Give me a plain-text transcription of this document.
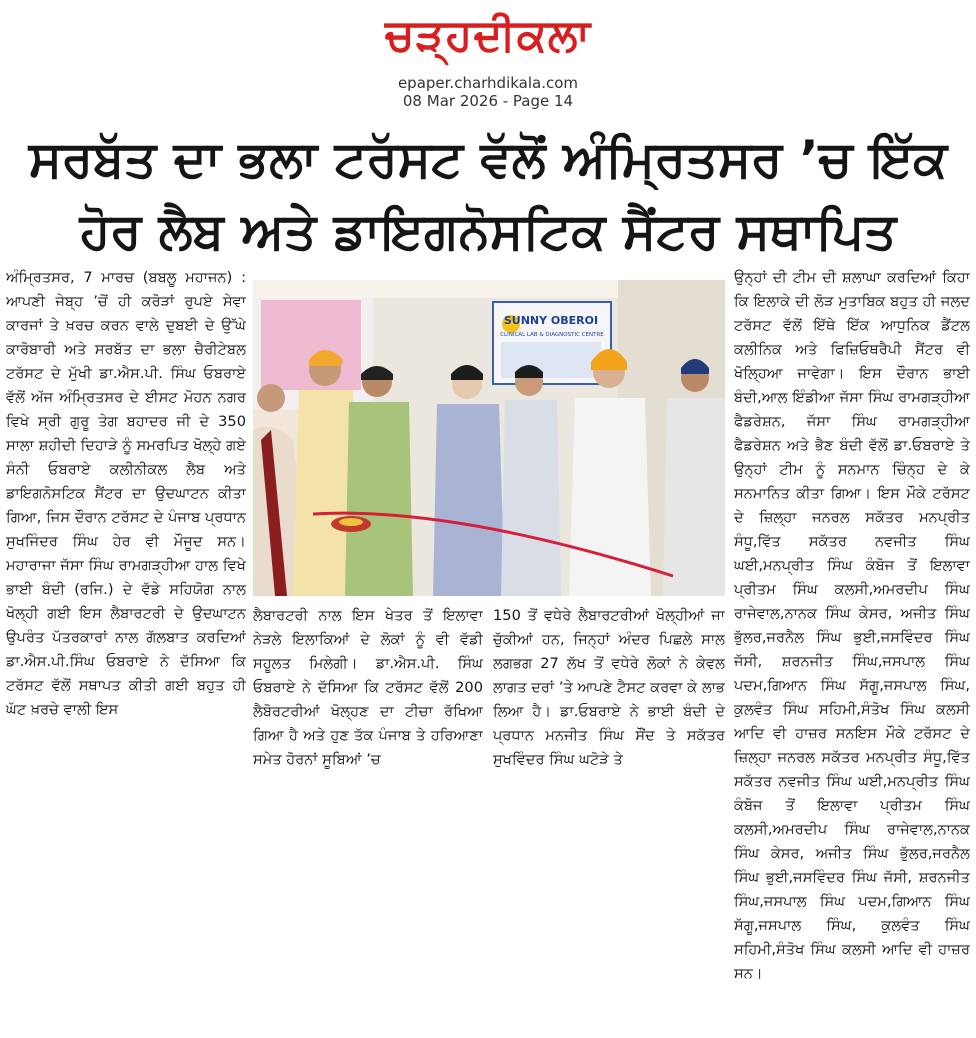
ਚੜ੍ਹਦੀਕਲਾ
epaper.charhdikala.com
08 Mar 2026 - Page 14
ਸਰਬੱਤ ਦਾ ਭਲਾ ਟਰੱਸਟ ਵੱਲੋਂ ਅੰਮ੍ਰਿਤਸਰ ’ਚ ਇੱਕ
ਹੋਰ ਲੈਬ ਅਤੇ ਡਾਇਗਨੋਸਟਿਕ ਸੈਂਟਰ ਸਥਾਪਿਤ

ਅੰਮ੍ਰਿਤਸਰ, 7 ਮਾਰਚ (ਬਬਲੂ ਮਹਾਜਨ) : ਆਪਣੀ ਜੇਬ੍ਹ ’ਚੋਂ ਹੀ ਕਰੋੜਾਂ ਰੁਪਏ ਸੇਵਾ ਕਾਰਜਾਂ ਤੇ ਖ਼ਰਚ ਕਰਨ ਵਾਲੇ ਦੁਬਈ ਦੇ ਉੱਘੇ ਕਾਰੋਬਾਰੀ ਅਤੇ ਸਰਬੱਤ ਦਾ ਭਲਾ ਚੈਰੀਟੇਬਲ ਟਰੱਸਟ ਦੇ ਮੁੱਖੀ ਡਾ.ਐਸ.ਪੀ. ਸਿੰਘ ਓਬਰਾਏ ਵੱਲੋਂ ਅੱਜ ਅੰਮ੍ਰਿਤਸਰ ਦੇ ਈਸਟ ਮੋਹਨ ਨਗਰ ਵਿਖੇ ਸ੍ਰੀ ਗੁਰੂ ਤੇਗ ਬਹਾਦਰ ਜੀ ਦੇ 350 ਸਾਲਾ ਸ਼ਹੀਦੀ ਦਿਹਾੜੇ ਨੂੰ ਸਮਰਪਿਤ ਖੋਲ੍ਹੇ ਗਏ ਸੰਨੀ ਓਬਰਾਏ ਕਲੀਨੀਕਲ ਲੈਬ ਅਤੇ ਡਾਇਗਨੋਸਟਿਕ ਸੈਂਟਰ ਦਾ ਉਦਘਾਟਨ ਕੀਤਾ ਗਿਆ, ਜਿਸ ਦੌਰਾਨ ਟਰੱਸਟ ਦੇ ਪੰਜਾਬ ਪ੍ਰਧਾਨ ਸੁਖਜਿੰਦਰ ਸਿੰਘ ਹੇਰ ਵੀ ਮੌਜੂਦ ਸਨ। ਮਹਾਰਾਜਾ ਜੱਸਾ ਸਿੰਘ ਰਾਮਗੜ੍ਹੀਆ ਹਾਲ ਵਿਖੇ ਭਾਈ ਬੰਦੀ (ਰਜਿ.) ਦੇ ਵੱਡੇ ਸਹਿਯੋਗ ਨਾਲ ਖੋਲ੍ਹੀ ਗਈ ਇਸ ਲੈਬਾਰਟਰੀ ਦੇ ਉਦਘਾਟਨ ਉਪਰੰਤ ਪੱਤਰਕਾਰਾਂ ਨਾਲ ਗੱਲਬਾਤ ਕਰਦਿਆਂ ਡਾ.ਐਸ.ਪੀ.ਸਿੰਘ ਓਬਰਾਏ ਨੇ ਦੱਸਿਆ ਕਿ ਟਰੱਸਟ ਵੱਲੋਂ ਸਥਾਪਤ ਕੀਤੀ ਗਈ ਬਹੁਤ ਹੀ ਘੱਟ ਖ਼ਰਚੇ ਵਾਲੀ ਇਸ

SUNNY OBEROI
CLINICAL LAB & DIAGNOSTIC CENTRE

ਲੈਬਾਰਟਰੀ ਨਾਲ ਇਸ ਖੇਤਰ ਤੋਂ ਇਲਾਵਾ ਨੇੜਲੇ ਇਲਾਕਿਆਂ ਦੇ ਲੋਕਾਂ ਨੂੰ ਵੀ ਵੱਡੀ ਸਹੂਲਤ ਮਿਲੇਗੀ। ਡਾ.ਐਸ.ਪੀ. ਸਿੰਘ ਓਬਰਾਏ ਨੇ ਦੱਸਿਆ ਕਿ ਟਰੱਸਟ ਵੱਲੋਂ 200 ਲੈਬੋਰਟਰੀਆਂ ਖੋਲ੍ਹਣ ਦਾ ਟੀਚਾ ਰੱਖਿਆ ਗਿਆ ਹੈ ਅਤੇ ਹੁਣ ਤੱਕ ਪੰਜਾਬ ਤੇ ਹਰਿਆਣਾ ਸਮੇਤ ਹੋਰਨਾਂ ਸੂਬਿਆਂ ’ਚ

150 ਤੋਂ ਵਧੇਰੇ ਲੈਬਾਰਟਰੀਆਂ ਖੋਲ੍ਹੀਆਂ ਜਾ ਚੁੱਕੀਆਂ ਹਨ, ਜਿਨ੍ਹਾਂ ਅੰਦਰ ਪਿਛਲੇ ਸਾਲ ਲਗਭਗ 27 ਲੱਖ ਤੋਂ ਵਧੇਰੇ ਲੋਕਾਂ ਨੇ ਕੇਵਲ ਲਾਗਤ ਦਰਾਂ ’ਤੇ ਆਪਣੇ ਟੈਸਟ ਕਰਵਾ ਕੇ ਲਾਭ ਲਿਆ ਹੈ। ਡਾ.ਓਬਰਾਏ ਨੇ ਭਾਈ ਬੰਦੀ ਦੇ ਪ੍ਰਧਾਨ ਮਨਜੀਤ ਸਿੰਘ ਸੌਂਦ ਤੇ ਸਕੱਤਰ ਸੁਖਵਿੰਦਰ ਸਿੰਘ ਘਟੋੜੇ ਤੇ

ਉਨ੍ਹਾਂ ਦੀ ਟੀਮ ਦੀ ਸ਼ਲਾਘਾ ਕਰਦਿਆਂ ਕਿਹਾ ਕਿ ਇਲਾਕੇ ਦੀ ਲੋੜ ਮੁਤਾਬਿਕ ਬਹੁਤ ਹੀ ਜਲਦ ਟਰੱਸਟ ਵੱਲੋਂ ਇੱਥੇ ਇੱਕ ਆਧੁਨਿਕ ਡੈਂਟਲ ਕਲੀਨਿਕ ਅਤੇ ਫਿਜ਼ਿਓਥਰੈਪੀ ਸੈਂਟਰ ਵੀ ਖੋਲ੍ਹਿਆ ਜਾਵੇਗਾ। ਇਸ ਦੌਰਾਨ ਭਾਈ ਬੰਦੀ,ਆਲ ਇੰਡੀਆ ਜੱਸਾ ਸਿੰਘ ਰਾਮਗੜ੍ਹੀਆ ਫੈਡਰੇਸ਼ਨ, ਜੱਸਾ ਸਿੰਘ ਰਾਮਗੜ੍ਹੀਆ ਫੈਡਰੇਸ਼ਨ ਅਤੇ ਭੈਣ ਬੰਦੀ ਵੱਲੋਂ ਡਾ.ਓਬਰਾਏ ਤੇ ਉਨ੍ਹਾਂ ਟੀਮ ਨੂੰ ਸਨਮਾਨ ਚਿੰਨ੍ਹ ਦੇ ਕੇ ਸਨਮਾਨਿਤ ਕੀਤਾ ਗਿਆ। ਇਸ ਮੌਕੇ ਟਰੱਸਟ ਦੇ ਜ਼ਿਲ੍ਹਾ ਜਨਰਲ ਸਕੱਤਰ ਮਨਪ੍ਰੀਤ ਸੰਧੂ,ਵਿੱਤ ਸਕੱਤਰ ਨਵਜੀਤ ਸਿੰਘ ਘਈ,ਮਨਪ੍ਰੀਤ ਸਿੰਘ ਕੰਬੋਜ ਤੋਂ ਇਲਾਵਾ ਪ੍ਰੀਤਮ ਸਿੰਘ ਕਲਸੀ,ਅਮਰਦੀਪ ਸਿੰਘ ਰਾਜੇਵਾਲ,ਨਾਨਕ ਸਿੰਘ ਕੇਸਰ, ਅਜੀਤ ਸਿੰਘ ਭੁੱਲਰ,ਜਰਨੈਲ ਸਿੰਘ ਭੁਈ,ਜਸਵਿੰਦਰ ਸਿੰਘ ਜੱਸੀ, ਸ਼ਰਨਜੀਤ ਸਿੰਘ,ਜਸਪਾਲ ਸਿੰਘ ਪਦਮ,ਗਿਆਨ ਸਿੰਘ ਸੱਗੂ,ਜਸਪਾਲ ਸਿੰਘ, ਕੁਲਵੰਤ ਸਿੰਘ ਸਹਿਮੀ,ਸੰਤੋਖ ਸਿੰਘ ਕਲਸੀ ਆਦਿ ਵੀ ਹਾਜ਼ਰ ਸਨਇਸ ਮੌਕੇ ਟਰੱਸਟ ਦੇ ਜ਼ਿਲ੍ਹਾ ਜਨਰਲ ਸਕੱਤਰ ਮਨਪ੍ਰੀਤ ਸੰਧੂ,ਵਿੱਤ ਸਕੱਤਰ ਨਵਜੀਤ ਸਿੰਘ ਘਈ,ਮਨਪ੍ਰੀਤ ਸਿੰਘ ਕੰਬੋਜ ਤੋਂ ਇਲਾਵਾ ਪ੍ਰੀਤਮ ਸਿੰਘ ਕਲਸੀ,ਅਮਰਦੀਪ ਸਿੰਘ ਰਾਜੇਵਾਲ,ਨਾਨਕ ਸਿੰਘ ਕੇਸਰ, ਅਜੀਤ ਸਿੰਘ ਭੁੱਲਰ,ਜਰਨੈਲ ਸਿੰਘ ਭੁਈ,ਜਸਵਿੰਦਰ ਸਿੰਘ ਜੱਸੀ, ਸ਼ਰਨਜੀਤ ਸਿੰਘ,ਜਸਪਾਲ ਸਿੰਘ ਪਦਮ,ਗਿਆਨ ਸਿੰਘ ਸੱਗੂ,ਜਸਪਾਲ ਸਿੰਘ, ਕੁਲਵੰਤ ਸਿੰਘ ਸਹਿਮੀ,ਸੰਤੋਖ ਸਿੰਘ ਕਲਸੀ ਆਦਿ ਵੀ ਹਾਜ਼ਰ ਸਨ।
